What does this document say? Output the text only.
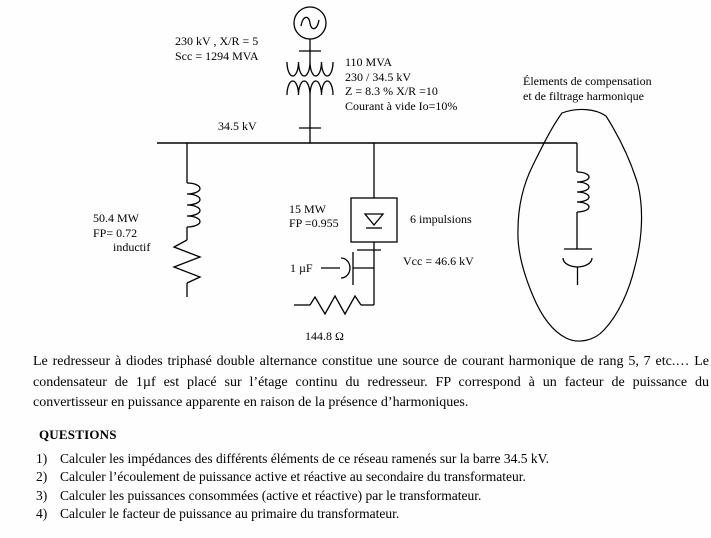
230 kV , X/R = 5
Scc = 1294 MVA	110 MVA
230 / 34.5 kV
Z = 8.3 % X/R =10
Courant à vide Io=10%
34.5 kV
50.4 MW
FP= 0.72
inductif
15 MW
FP =0.955	6 impulsions
Vcc = 46.6 kV
1 µF
144.8 Ω
Élements de compensation
et de filtrage harmonique
Le redresseur à diodes triphasé double alternance constitue une source de courant harmonique de rang 5, 7 etc.… Le condensateur de 1µf est placé sur l’étage continu du redresseur. FP correspond à un facteur de puissance du convertisseur en puissance apparente en raison de la présence d’harmoniques.
QUESTIONS
1) Calculer les impédances des différents éléments de ce réseau ramenés sur la barre 34.5 kV.
2) Calculer l’écoulement de puissance active et réactive au secondaire du transformateur.
3) Calculer les puissances consommées (active et réactive) par le transformateur.
4) Calculer le facteur de puissance au primaire du transformateur.
